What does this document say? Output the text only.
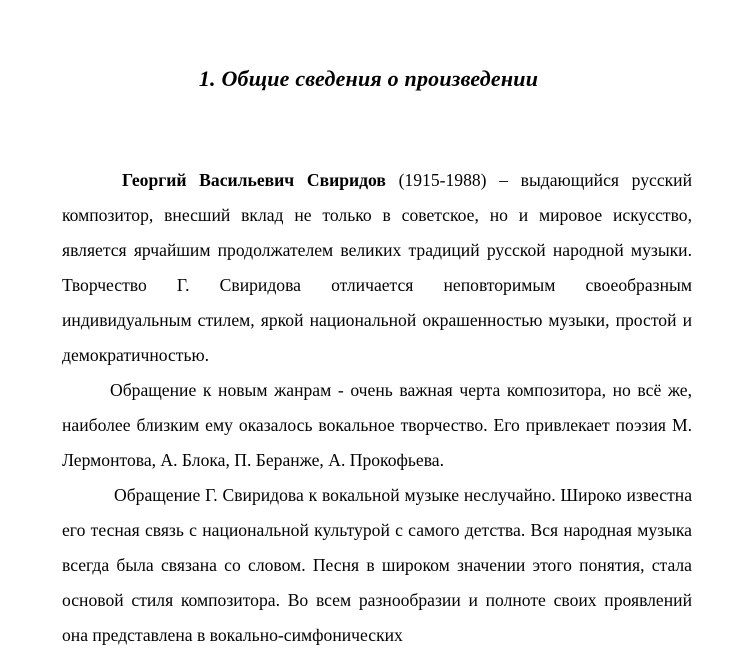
1. Общие сведения о произведении

Георгий Васильевич Свиридов (1915-1988) – выдающийся русский композитор, внесший вклад не только в советское, но и мировое искусство, является ярчайшим продолжателем великих традиций русской народной музыки. Творчество Г. Свиридова отличается неповторимым своеобразным индивидуальным стилем, яркой национальной окрашенностью музыки, простой и демократичностью.

Обращение к новым жанрам - очень важная черта композитора, но всё же, наиболее близким ему оказалось вокальное творчество. Его привлекает поэзия М. Лермонтова, А. Блока, П. Беранже, А. Прокофьева.

Обращение Г. Свиридова к вокальной музыке неслучайно. Широко известна его тесная связь с национальной культурой с самого детства. Вся народная музыка всегда была связана со словом. Песня в широком значении этого понятия, стала основой стиля композитора. Во всем разнообразии и полноте своих проявлений она представлена в вокально-симфонических
